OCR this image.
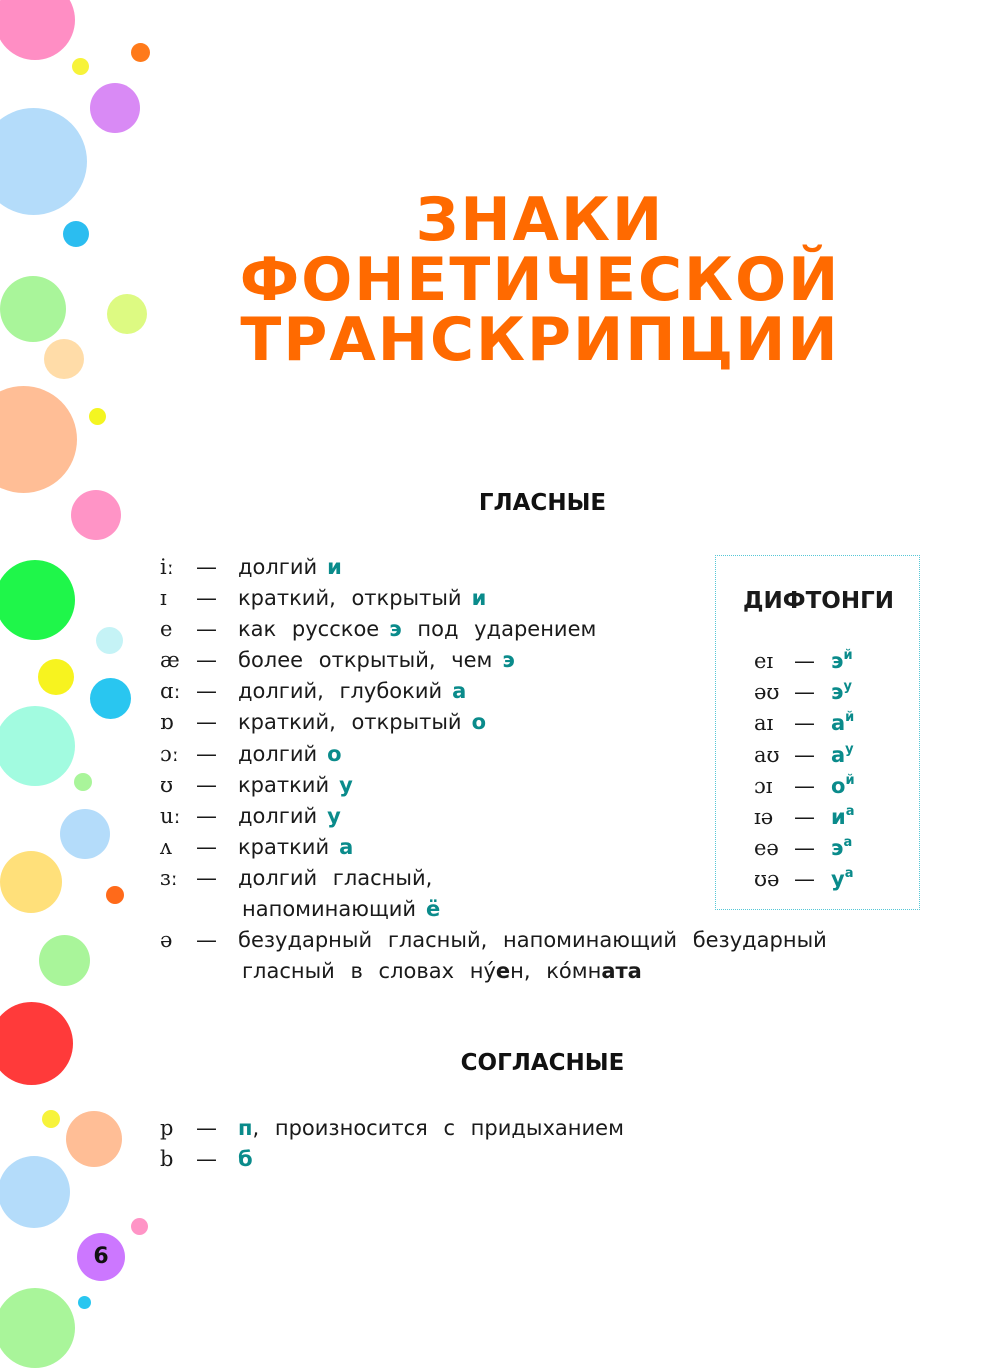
ЗНАКИ
ФОНЕТИЧЕСКОЙ
ТРАНСКРИПЦИИ
ГЛАСНЫЕ
iː	— долгий и
ɪ	— краткий, открытый и
e	— как русское э под ударением
æ — более открытый, чем э
ɑː — долгий, глубокий а
ɒ	— краткий, открытый о
ɔː — долгий о
ʊ	— краткий у
uː — долгий у
ʌ	— краткий а
ɜː — долгий гласный,
напоминающий ё
ə	— безударный гласный, напоминающий безударный
гласный в словах ну́ен, ко́мната
ДИФТОНГИ
eɪ — $э^й$
əʊ — $э^у$
aɪ — $а^й$
aʊ — $а^у$
ɔɪ — $о^й$
ɪə — $и^а$
eə — $э^а$
ʊə — $у^а$
СОГЛАСНЫЕ
p	— п, произносится с придыханием
b	— б
6
